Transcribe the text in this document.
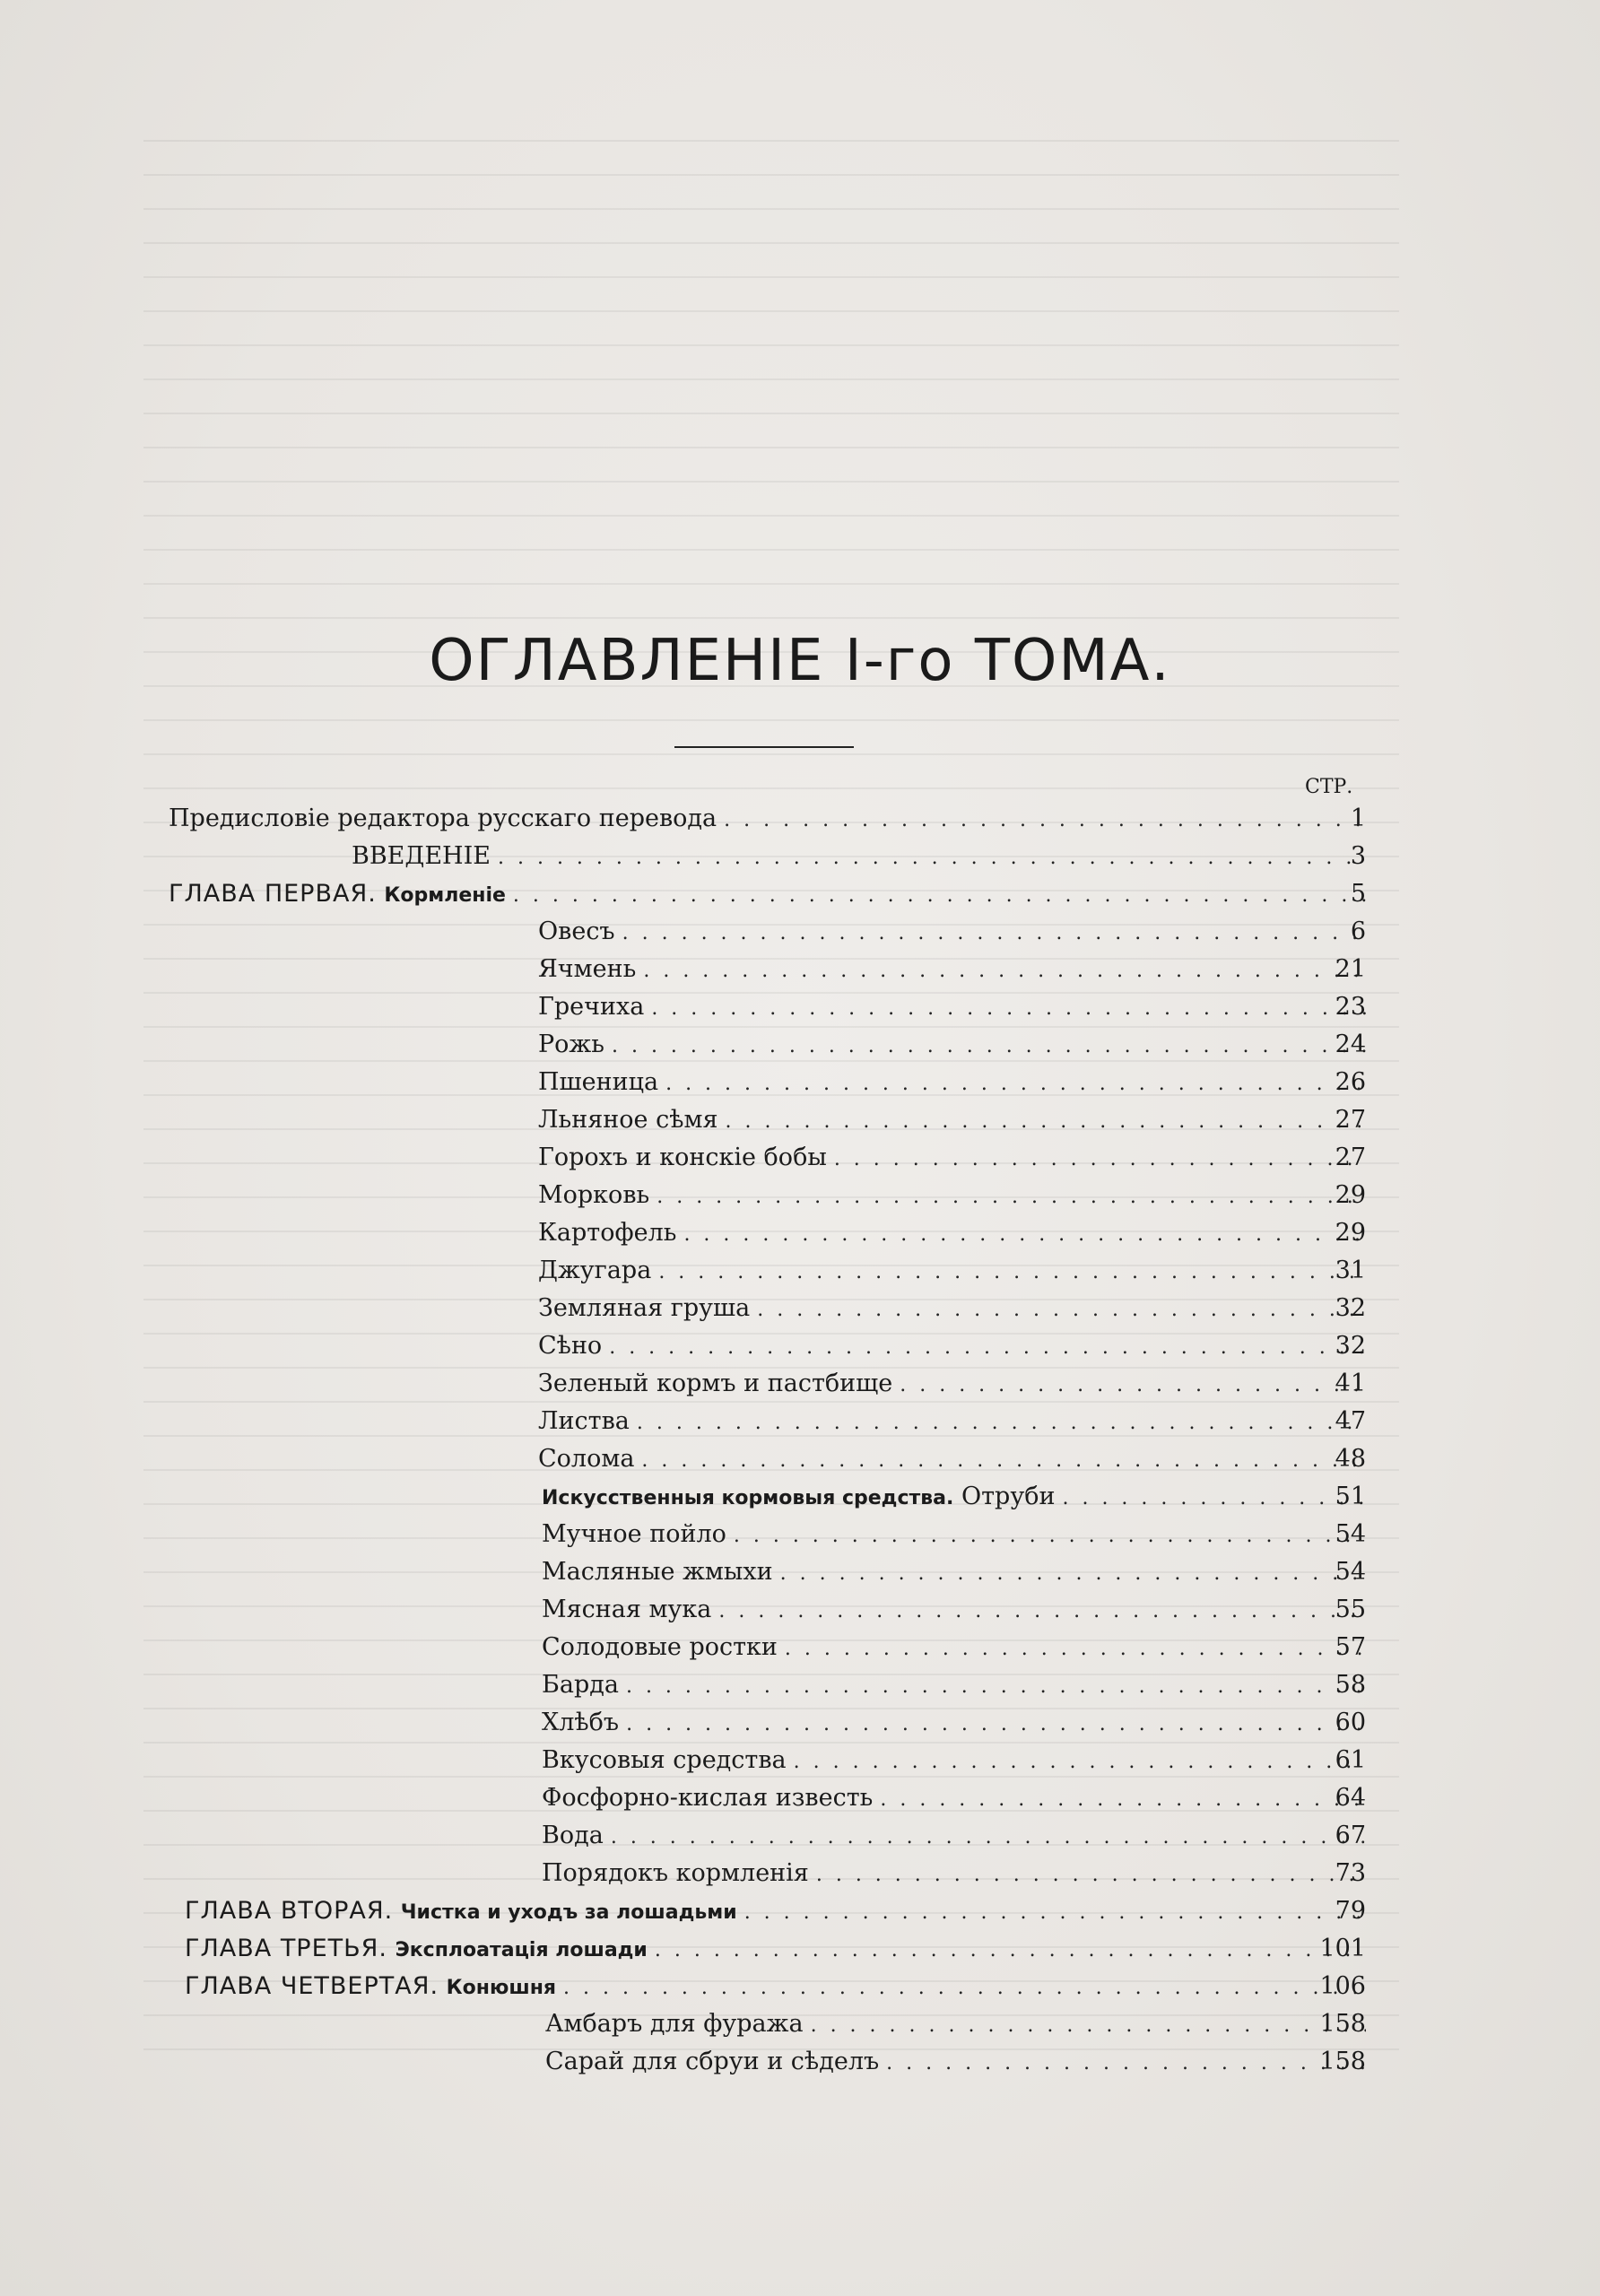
ОГЛАВЛЕНІЕ I-го ТОМА.
СТР.
Предисловіе редактора русскаго перевода . . .	1
ВВЕДЕНІЕ . . .	3
ГЛАВА ПЕРВАЯ. Кормленіе . . .	5
Овесъ . . .	6
Ячмень . . .	21
Гречиха . . .	23
Рожь . . .	24
Пшеница . . .	26
Льняное сѣмя . . .	27
Горохъ и конскіе бобы . . .	27
Морковь . . .	29
Картофель . . .	29
Джугара . . .	31
Земляная груша . . .	32
Сѣно . . .	32
Зеленый кормъ и пастбище . . .	41
Листва . . .	47
Солома . . .	48
Искусственныя кормовыя средства. Отруби . . .	51
Мучное пойло . . .	54
Масляные жмыхи . . .	54
Мясная мука . . .	55
Солодовые ростки . . .	57
Барда . . .	58
Хлѣбъ . . .	60
Вкусовыя средства . . .	61
Фосфорно-кислая известь . . .	64
Вода . . .	67
Порядокъ кормленія . . .	73
ГЛАВА ВТОРАЯ. Чистка и уходъ за лошадьми . . .	79
ГЛАВА ТРЕТЬЯ. Эксплоатація лошади . . .	101
ГЛАВА ЧЕТВЕРТАЯ. Конюшня . . .	106
Амбаръ для фуража . . .	158
Сарай для сбруи и сѣделъ . . .	158
